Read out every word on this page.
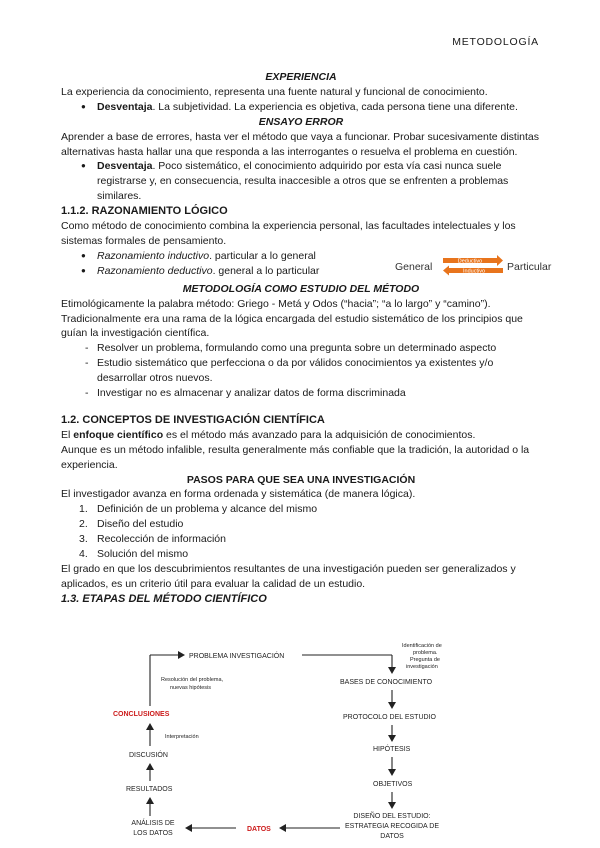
METODOLOGÍA

EXPERIENCIA

La experiencia da conocimiento, representa una fuente natural y funcional de conocimiento.

● Desventaja. La subjetividad. La experiencia es objetiva, cada persona tiene una diferente.

ENSAYO ERROR

Aprender a base de errores, hasta ver el método que vaya a funcionar. Probar sucesivamente distintas alternativas hasta hallar una que responda a las interrogantes o resuelva el problema en cuestión.

● Desventaja. Poco sistemático, el conocimiento adquirido por esta vía casi nunca suele registrarse y, en consecuencia, resulta inaccesible a otros que se enfrenten a problemas similares.

1.1.2. RAZONAMIENTO LÓGICO

Como método de conocimiento combina la experiencia personal, las facultades intelectuales y los sistemas formales de pensamiento.

● Razonamiento inductivo. particular a lo general
● Razonamiento deductivo. general a lo particular	General	Deductivo
Inductivo Particular

METODOLOGÍA COMO ESTUDIO DEL MÉTODO

Etimológicamente la palabra método: Griego - Metá y Odos (“hacia”; “a lo largo” y “camino”).

Tradicionalmente era una rama de la lógica encargada del estudio sistemático de los principios que guían la investigación científica.

- Resolver un problema, formulando como una pregunta sobre un determinado aspecto
- Estudio sistemático que perfecciona o da por válidos conocimientos ya existentes y/o desarrollar otros nuevos.
- Investigar no es almacenar y analizar datos de forma discriminada

1.2. CONCEPTOS DE INVESTIGACIÓN CIENTÍFICA

El enfoque científico es el método más avanzado para la adquisición de conocimientos.

Aunque es un método infalible, resulta generalmente más confiable que la tradición, la autoridad o la experiencia.

PASOS PARA QUE SEA UNA INVESTIGACIÓN

El investigador avanza en forma ordenada y sistemática (de manera lógica).

1. Definición de un problema y alcance del mismo
2. Diseño del estudio
3. Recolección de información
4. Solución del mismo

El grado en que los descubrimientos resultantes de una investigación pueden ser generalizados y aplicados, es un criterio útil para evaluar la calidad de un estudio.

1.3. ETAPAS DEL MÉTODO CIENTÍFICO

PROBLEMA INVESTIGACIÓN
Identificación de
problema.
Pregunta de
investigación
BASES DE CONOCIMIENTO
PROTOCOLO DEL ESTUDIO
HIPÓTESIS
OBJETIVOS
DISEÑO DEL ESTUDIO:
ESTRATEGIA RECOGIDA DE
DATOS
DATOS
ANÁLISIS DE
LOS DATOS
RESULTADOS
DISCUSIÓN
Interpretación
CONCLUSIONES
Resolución del problema,
nuevas hipótesis
